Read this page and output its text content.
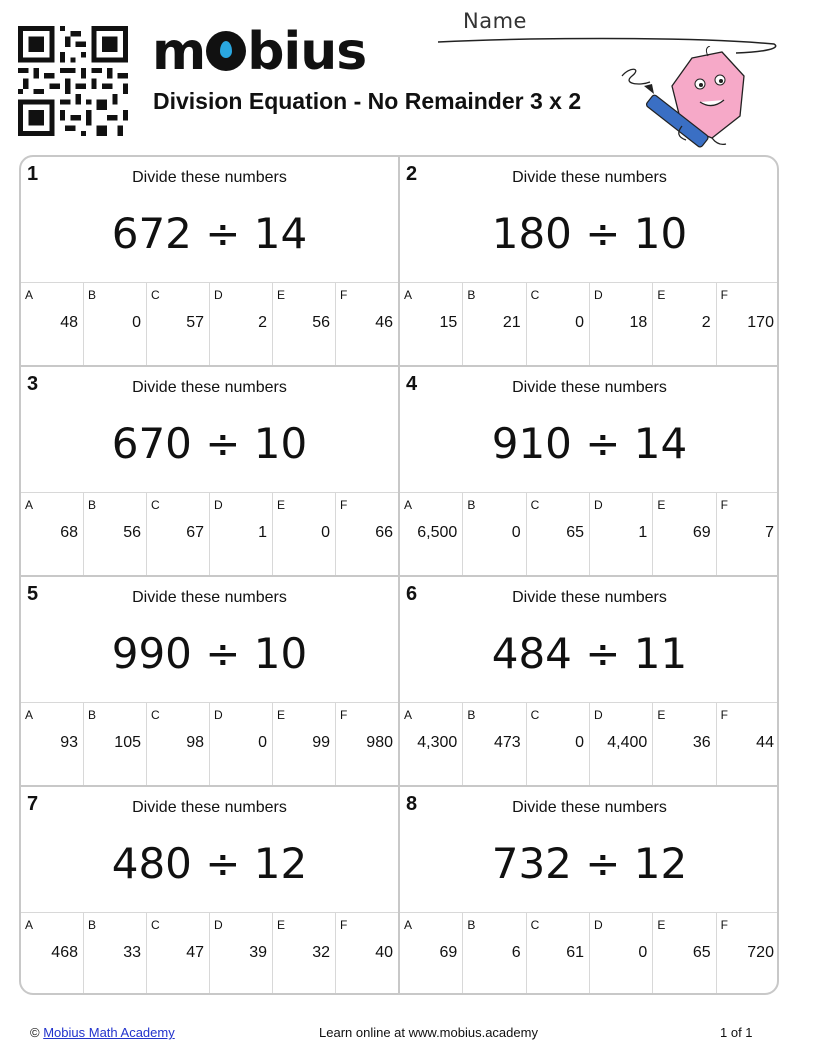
m bius
Division Equation - No Remainder 3 x 2
Name
1	Divide these numbers
672 ÷ 14
A
48
B
0
C
57
D
2
E
56
F
46
2	Divide these numbers
180 ÷ 10
A
15
B
21
C
0
D
18
E
2
F
170
3	Divide these numbers
670 ÷ 10
A
68
B
56
C
67
D
1
E
0
F
66
4	Divide these numbers
910 ÷ 14
A
6,500
B
0
C
65
D
1
E
69
F
7
5	Divide these numbers
990 ÷ 10
A
93
B
105
C
98
D
0
E
99
F
980
6	Divide these numbers
484 ÷ 11
A
4,300
B
473
C
0
D
4,400
E
36
F
44
7	Divide these numbers
480 ÷ 12
A
468
B
33
C
47
D
39
E
32
F
40
8	Divide these numbers
732 ÷ 12
A
69
B
6
C
61
D
0
E
65
F
720
© Mobius Math Academy	Learn online at www.mobius.academy	1 of 1
